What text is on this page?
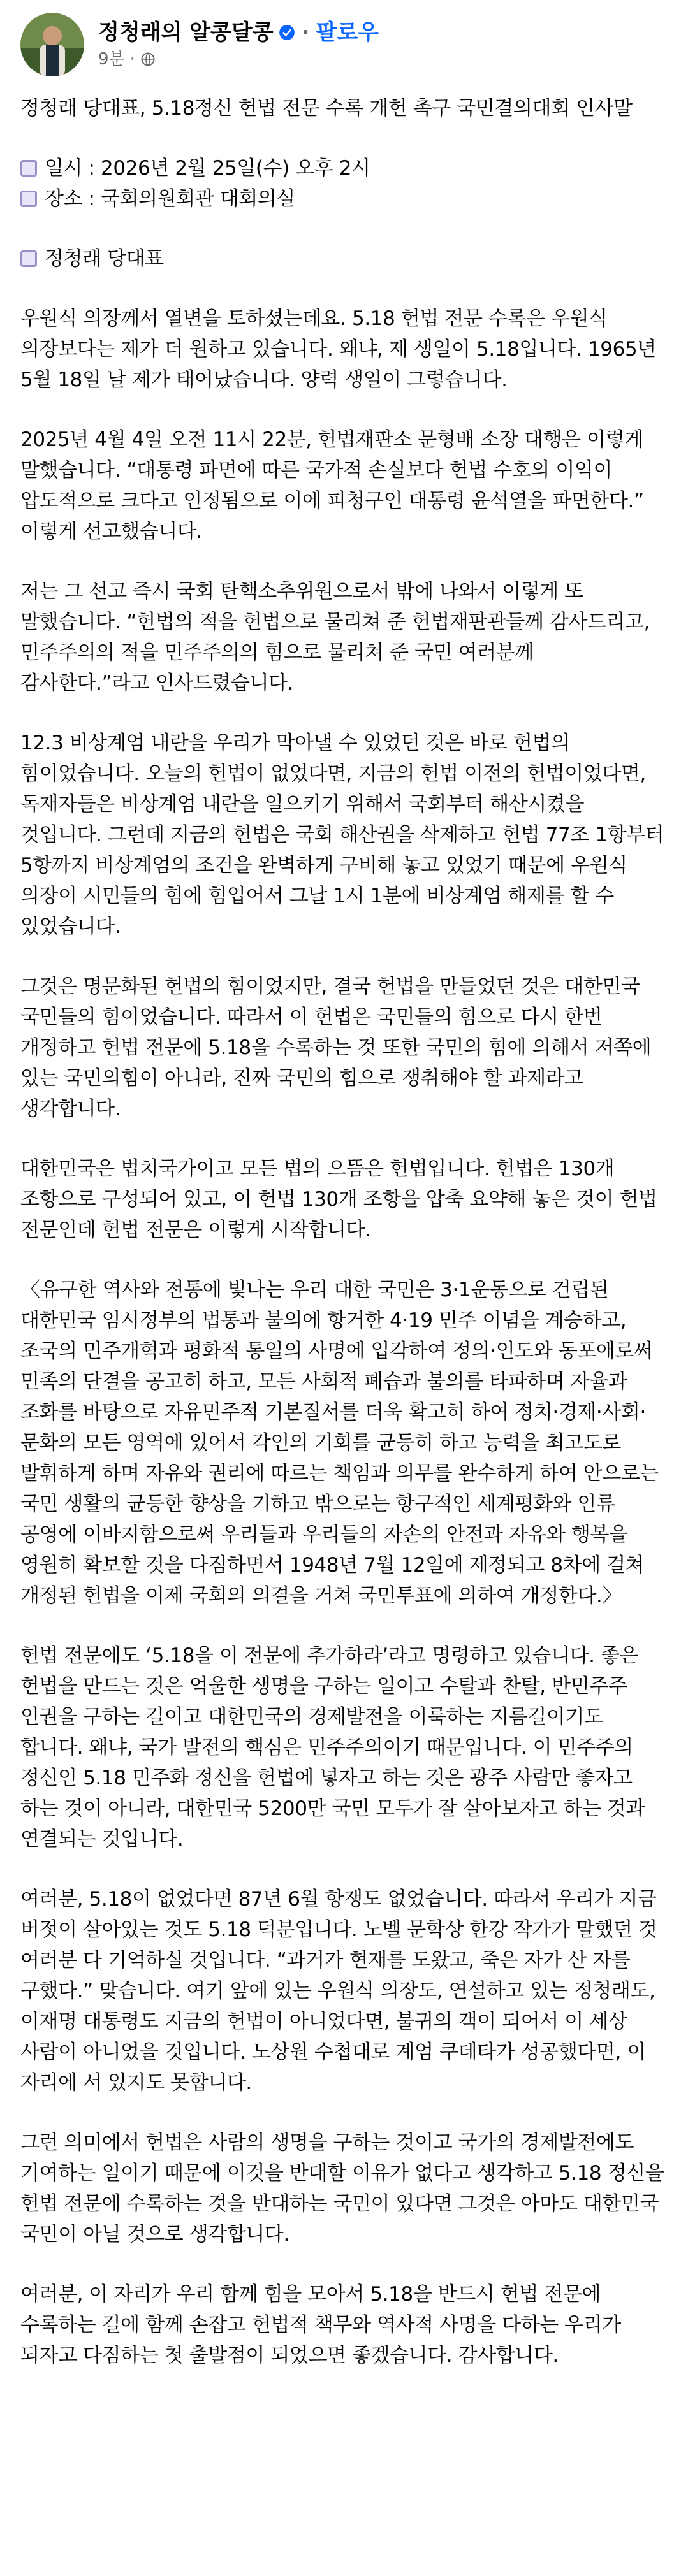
정청래의 알콩달콩 · 팔로우
9분 ·

정청래 당대표, 5.18정신 헌법 전문 수록 개헌 촉구 국민결의대회 인사말

일시 : 2026년 2월 25일(수) 오후 2시
장소 : 국회의원회관 대회의실
정청래 당대표

우원식 의장께서 열변을 토하셨는데요. 5.18 헌법 전문 수록은 우원식 의장보다는 제가 더 원하고 있습니다. 왜냐, 제 생일이 5.18입니다. 1965년 5월 18일 날 제가 태어났습니다. 양력 생일이 그렇습니다.

2025년 4월 4일 오전 11시 22분, 헌법재판소 문형배 소장 대행은 이렇게 말했습니다. “대통령 파면에 따른 국가적 손실보다 헌법 수호의 이익이 압도적으로 크다고 인정됨으로 이에 피청구인 대통령 윤석열을 파면한다.” 이렇게 선고했습니다.

저는 그 선고 즉시 국회 탄핵소추위원으로서 밖에 나와서 이렇게 또 말했습니다. “헌법의 적을 헌법으로 물리쳐 준 헌법재판관들께 감사드리고, 민주주의의 적을 민주주의의 힘으로 물리쳐 준 국민 여러분께 감사한다.”라고 인사드렸습니다.

12.3 비상계엄 내란을 우리가 막아낼 수 있었던 것은 바로 헌법의 힘이었습니다. 오늘의 헌법이 없었다면, 지금의 헌법 이전의 헌법이었다면, 독재자들은 비상계엄 내란을 일으키기 위해서 국회부터 해산시켰을 것입니다. 그런데 지금의 헌법은 국회 해산권을 삭제하고 헌법 77조 1항부터 5항까지 비상계엄의 조건을 완벽하게 구비해 놓고 있었기 때문에 우원식 의장이 시민들의 힘에 힘입어서 그날 1시 1분에 비상계엄 해제를 할 수 있었습니다.

그것은 명문화된 헌법의 힘이었지만, 결국 헌법을 만들었던 것은 대한민국 국민들의 힘이었습니다. 따라서 이 헌법은 국민들의 힘으로 다시 한번 개정하고 헌법 전문에 5.18을 수록하는 것 또한 국민의 힘에 의해서 저쪽에 있는 국민의힘이 아니라, 진짜 국민의 힘으로 쟁취해야 할 과제라고 생각합니다.

대한민국은 법치국가이고 모든 법의 으뜸은 헌법입니다. 헌법은 130개 조항으로 구성되어 있고, 이 헌법 130개 조항을 압축 요약해 놓은 것이 헌법 전문인데 헌법 전문은 이렇게 시작합니다.

〈유구한 역사와 전통에 빛나는 우리 대한 국민은 3·1운동으로 건립된 대한민국 임시정부의 법통과 불의에 항거한 4·19 민주 이념을 계승하고, 조국의 민주개혁과 평화적 통일의 사명에 입각하여 정의·인도와 동포애로써 민족의 단결을 공고히 하고, 모든 사회적 폐습과 불의를 타파하며 자율과 조화를 바탕으로 자유민주적 기본질서를 더욱 확고히 하여 정치·경제·사회·문화의 모든 영역에 있어서 각인의 기회를 균등히 하고 능력을 최고도로 발휘하게 하며 자유와 권리에 따르는 책임과 의무를 완수하게 하여 안으로는 국민 생활의 균등한 향상을 기하고 밖으로는 항구적인 세계평화와 인류 공영에 이바지함으로써 우리들과 우리들의 자손의 안전과 자유와 행복을 영원히 확보할 것을 다짐하면서 1948년 7월 12일에 제정되고 8차에 걸쳐 개정된 헌법을 이제 국회의 의결을 거쳐 국민투표에 의하여 개정한다.〉

헌법 전문에도 ‘5.18을 이 전문에 추가하라’라고 명령하고 있습니다. 좋은 헌법을 만드는 것은 억울한 생명을 구하는 일이고 수탈과 찬탈, 반민주주 인권을 구하는 길이고 대한민국의 경제발전을 이룩하는 지름길이기도 합니다. 왜냐, 국가 발전의 핵심은 민주주의이기 때문입니다. 이 민주주의 정신인 5.18 민주화 정신을 헌법에 넣자고 하는 것은 광주 사람만 좋자고 하는 것이 아니라, 대한민국 5200만 국민 모두가 잘 살아보자고 하는 것과 연결되는 것입니다.

여러분, 5.18이 없었다면 87년 6월 항쟁도 없었습니다. 따라서 우리가 지금 버젓이 살아있는 것도 5.18 덕분입니다. 노벨 문학상 한강 작가가 말했던 것 여러분 다 기억하실 것입니다. “과거가 현재를 도왔고, 죽은 자가 산 자를 구했다.” 맞습니다. 여기 앞에 있는 우원식 의장도, 연설하고 있는 정청래도, 이재명 대통령도 지금의 헌법이 아니었다면, 불귀의 객이 되어서 이 세상 사람이 아니었을 것입니다. 노상원 수첩대로 계엄 쿠데타가 성공했다면, 이 자리에 서 있지도 못합니다.

그런 의미에서 헌법은 사람의 생명을 구하는 것이고 국가의 경제발전에도 기여하는 일이기 때문에 이것을 반대할 이유가 없다고 생각하고 5.18 정신을 헌법 전문에 수록하는 것을 반대하는 국민이 있다면 그것은 아마도 대한민국 국민이 아닐 것으로 생각합니다.

여러분, 이 자리가 우리 함께 힘을 모아서 5.18을 반드시 헌법 전문에 수록하는 길에 함께 손잡고 헌법적 책무와 역사적 사명을 다하는 우리가 되자고 다짐하는 첫 출발점이 되었으면 좋겠습니다. 감사합니다.
